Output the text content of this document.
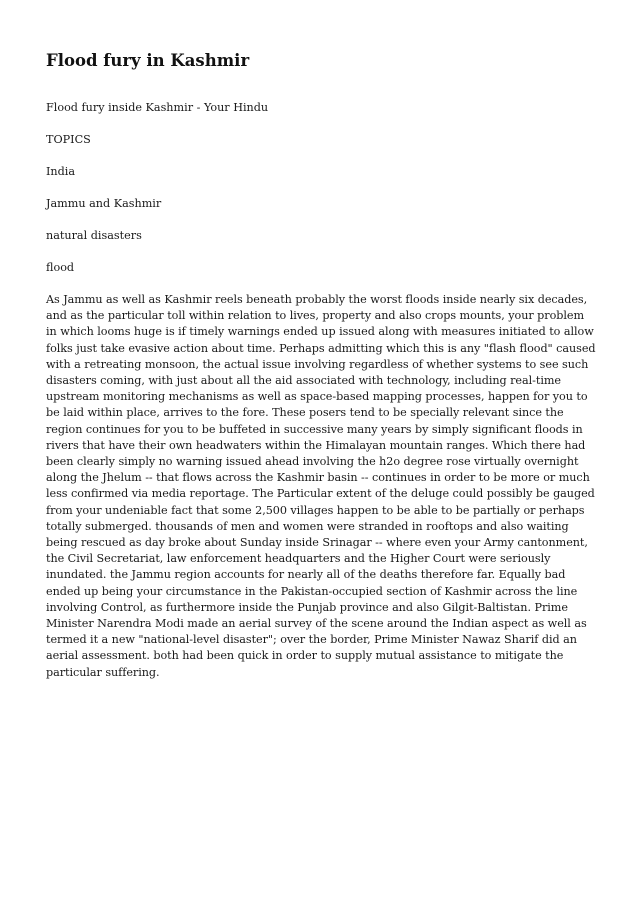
Flood fury in Kashmir

Flood fury inside Kashmir - Your Hindu

TOPICS

India

Jammu and Kashmir

natural disasters

flood

As Jammu as well as Kashmir reels beneath probably the worst floods inside nearly six decades, and as the particular toll within relation to lives, property and also crops mounts, your problem in which looms huge is if timely warnings ended up issued along with measures initiated to allow folks just take evasive action about time. Perhaps admitting which this is any "flash flood" caused with a retreating monsoon, the actual issue involving regardless of whether systems to see such disasters coming, with just about all the aid associated with technology, including real-time upstream monitoring mechanisms as well as space-based mapping processes, happen for you to be laid within place, arrives to the fore. These posers tend to be specially relevant since the region continues for you to be buffeted in successive many years by simply significant floods in rivers that have their own headwaters within the Himalayan mountain ranges. Which there had been clearly simply no warning issued ahead involving the h2o degree rose virtually overnight along the Jhelum -- that flows across the Kashmir basin -- continues in order to be more or much less confirmed via media reportage. The Particular extent of the deluge could possibly be gauged from your undeniable fact that some 2,500 villages happen to be able to be partially or perhaps totally submerged. thousands of men and women were stranded in rooftops and also waiting being rescued as day broke about Sunday inside Srinagar -- where even your Army cantonment, the Civil Secretariat, law enforcement headquarters and the Higher Court were seriously inundated. the Jammu region accounts for nearly all of the deaths therefore far. Equally bad ended up being your circumstance in the Pakistan-occupied section of Kashmir across the line involving Control, as furthermore inside the Punjab province and also Gilgit-Baltistan. Prime Minister Narendra Modi made an aerial survey of the scene around the Indian aspect as well as termed it a new "national-level disaster"; over the border, Prime Minister Nawaz Sharif did an aerial assessment. both had been quick in order to supply mutual assistance to mitigate the particular suffering.
